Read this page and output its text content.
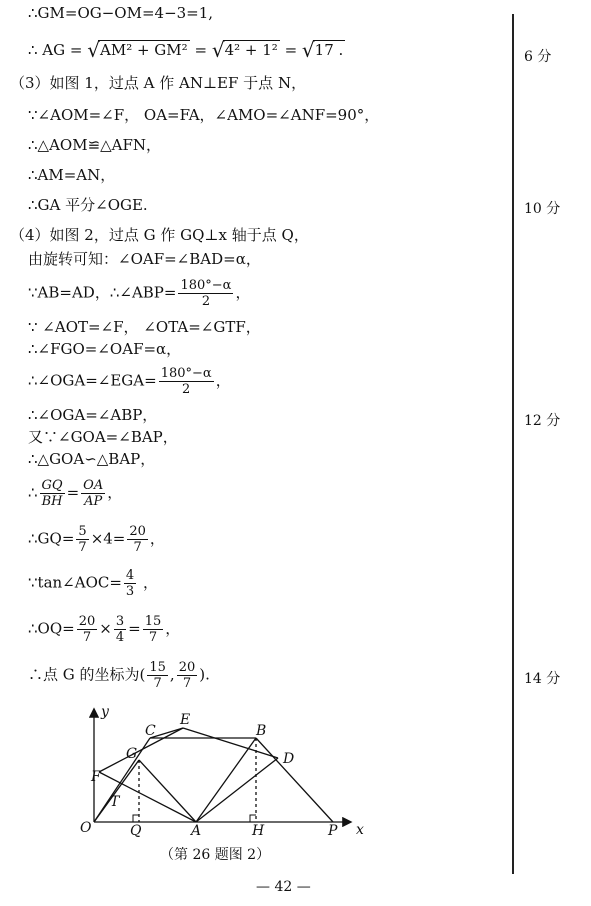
∴GM=OG−OM=4−3=1,
∴ AG = √AM² + GM² = √4² + 1² = √17 .
（3）如图 1，过点 A 作 AN⊥EF 于点 N，
∵∠AOM=∠F， OA=FA，∠AMO=∠ANF=90°，
∴△AOM≌△AFN，
∴AM=AN，
∴GA 平分∠OGE.
（4）如图 2，过点 G 作 GQ⊥x 轴于点 Q，
由旋转可知：∠OAF=∠BAD=α，
∵AB=AD，∴∠ABP= $\frac{180^\circ-\alpha}{2}$ ，
∵ ∠AOT=∠F， ∠OTA=∠GTF，
∴∠FGO=∠OAF=α，
∴∠OGA=∠EGA= $\frac{180^\circ-\alpha}{2}$ ，
∴∠OGA=∠ABP，
又∵∠GOA=∠BAP，
∴△GOA∽△BAP，
∴ $\frac{GQ}{BH} = \frac{OA}{AP}$ ，
∴GQ= $\frac{5}{7} \times 4= \frac{20}{7}$ ，
∵tan∠AOC= $\frac{4}{3}$ ，
∴OQ= $\frac{20}{7} \times \frac{3}{4} = \frac{15}{7}$ ，
∴点 G 的坐标为( $\frac{15}{7}$ , $\frac{20}{7}$ ).
6 分
10 分
12 分
14 分
y
x
O
C
E
B
G	D
F
T
Q	A	H	P
（第 26 题图 2）
— 42 —
